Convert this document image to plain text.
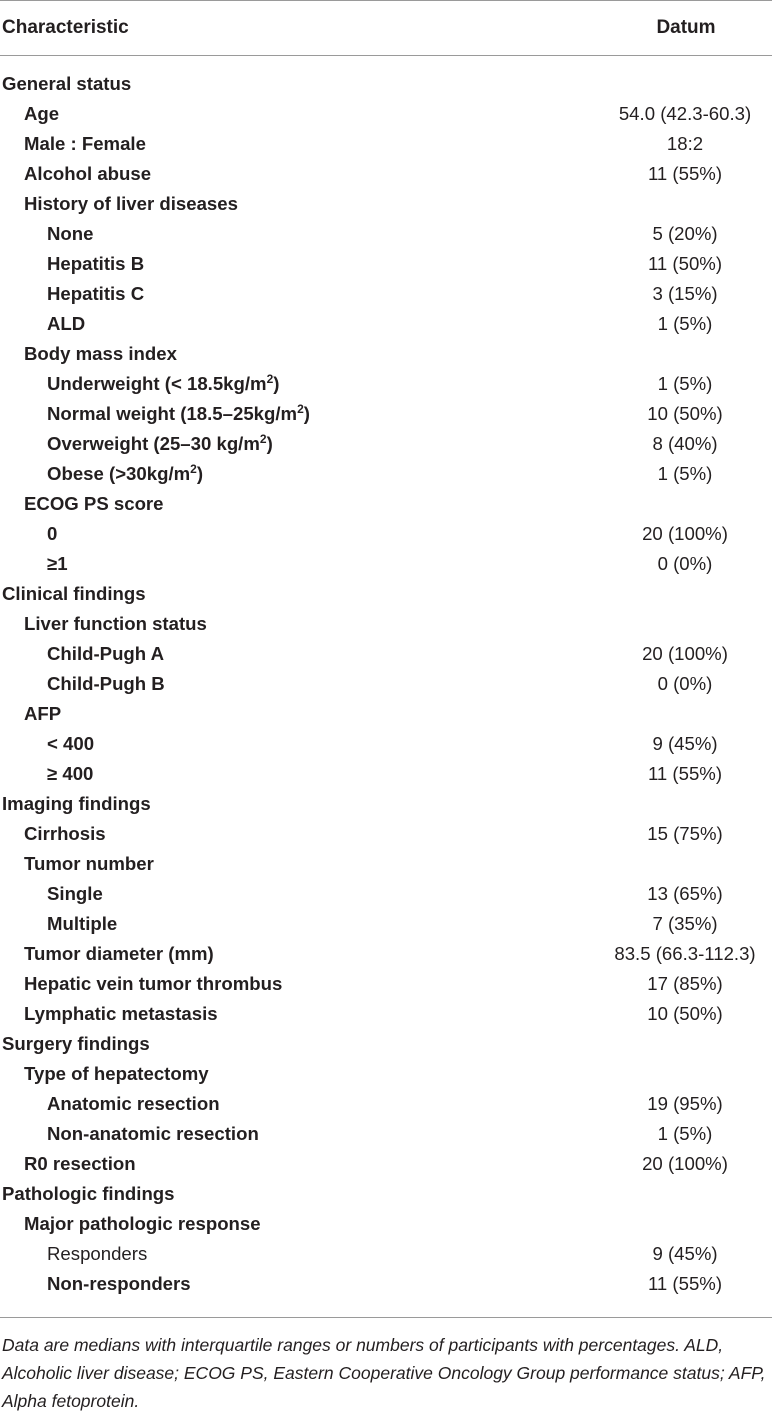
Characteristic	Datum
General status
Age	54.0 (42.3-60.3)
Male : Female	18:2
Alcohol abuse	11 (55%)
History of liver diseases
None	5 (20%)
Hepatitis B	11 (50%)
Hepatitis C	3 (15%)
ALD	1 (5%)
Body mass index
Underweight (< $18.5kg/m^2$)	1 (5%)
Normal weight $(18.5-25kg/m^2)$	10 (50%)
Overweight (25–30 $kg/m^2$)	8 (40%)
Obese $(>30kg/m^2)$	1 (5%)
ECOG PS score
0	20 (100%)
≥1	0 (0%)
Clinical findings
Liver function status
Child-Pugh A	20 (100%)
Child-Pugh B	0 (0%)
AFP
< 400	9 (45%)
≥ 400	11 (55%)
Imaging findings
Cirrhosis	15 (75%)
Tumor number
Single	13 (65%)
Multiple	7 (35%)
Tumor diameter (mm)	83.5 (66.3-112.3)
Hepatic vein tumor thrombus	17 (85%)
Lymphatic metastasis	10 (50%)
Surgery findings
Type of hepatectomy
Anatomic resection	19 (95%)
Non-anatomic resection	1 (5%)
R0 resection	20 (100%)
Pathologic findings
Major pathologic response
Responders	9 (45%)
Non-responders	11 (55%)
Data are medians with interquartile ranges or numbers of participants with percentages. ALD, Alcoholic liver disease; ECOG PS, Eastern Cooperative Oncology Group performance status; AFP, Alpha fetoprotein.
